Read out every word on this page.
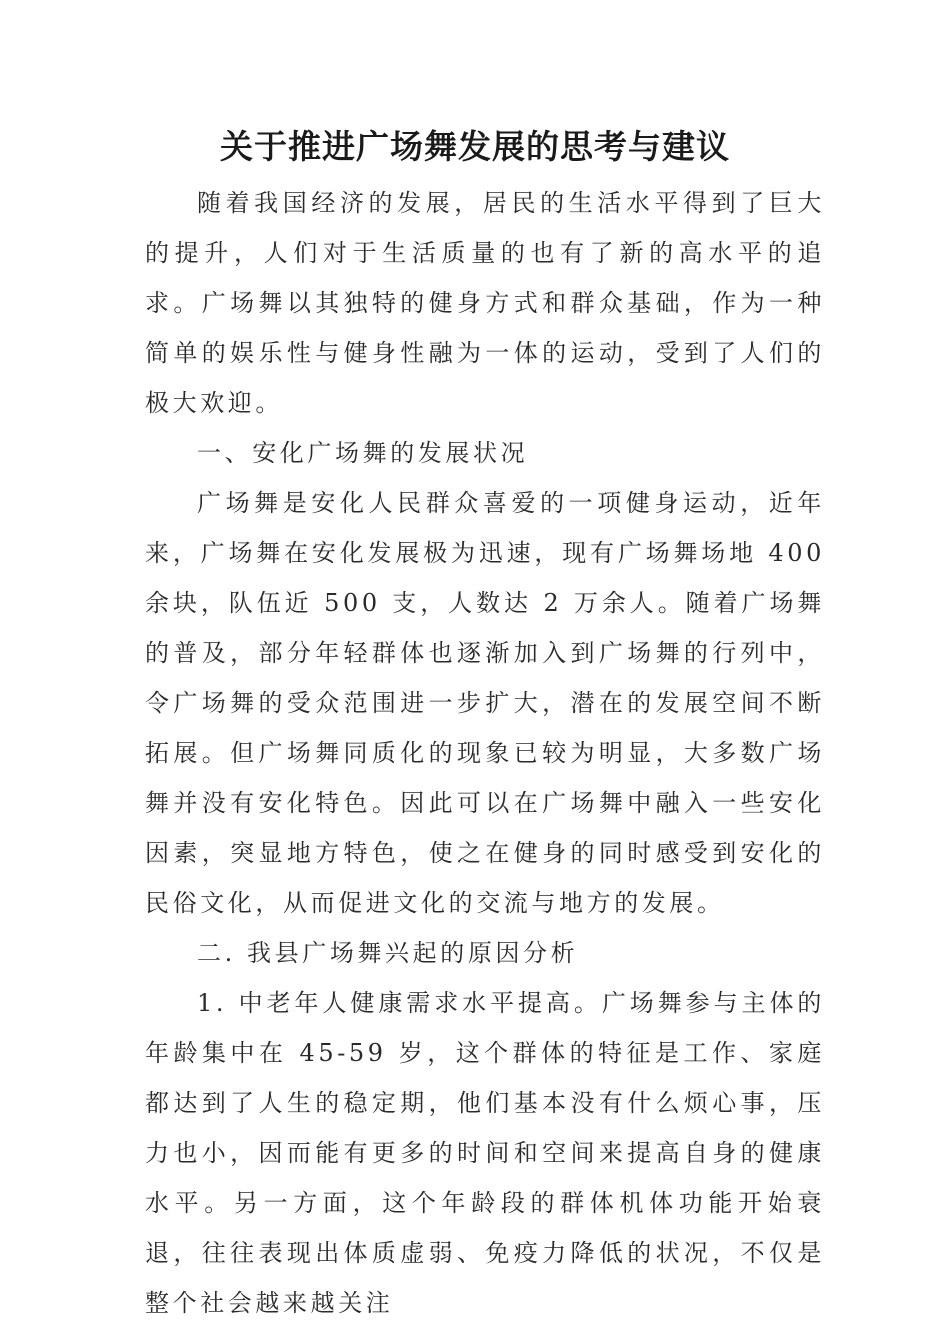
关于推进广场舞发展的思考与建议

随着我国经济的发展，居民的生活水平得到了巨大的提升，人们对于生活质量的也有了新的高水平的追求。广场舞以其独特的健身方式和群众基础，作为一种简单的娱乐性与健身性融为一体的运动，受到了人们的极大欢迎。

一、安化广场舞的发展状况

广场舞是安化人民群众喜爱的一项健身运动，近年来，广场舞在安化发展极为迅速，现有广场舞场地 400 余块，队伍近 500 支，人数达 2 万余人。随着广场舞的普及，部分年轻群体也逐渐加入到广场舞的行列中，令广场舞的受众范围进一步扩大，潜在的发展空间不断拓展。但广场舞同质化的现象已较为明显，大多数广场舞并没有安化特色。因此可以在广场舞中融入一些安化因素，突显地方特色，使之在健身的同时感受到安化的民俗文化，从而促进文化的交流与地方的发展。

二. 我县广场舞兴起的原因分析

1. 中老年人健康需求水平提高。广场舞参与主体的年龄集中在 45-59 岁，这个群体的特征是工作、家庭都达到了人生的稳定期，他们基本没有什么烦心事，压力也小，因而能有更多的时间和空间来提高自身的健康水平。另一方面，这个年龄段的群体机体功能开始衰退，往往表现出体质虚弱、免疫力降低的状况，不仅是整个社会越来越关注
